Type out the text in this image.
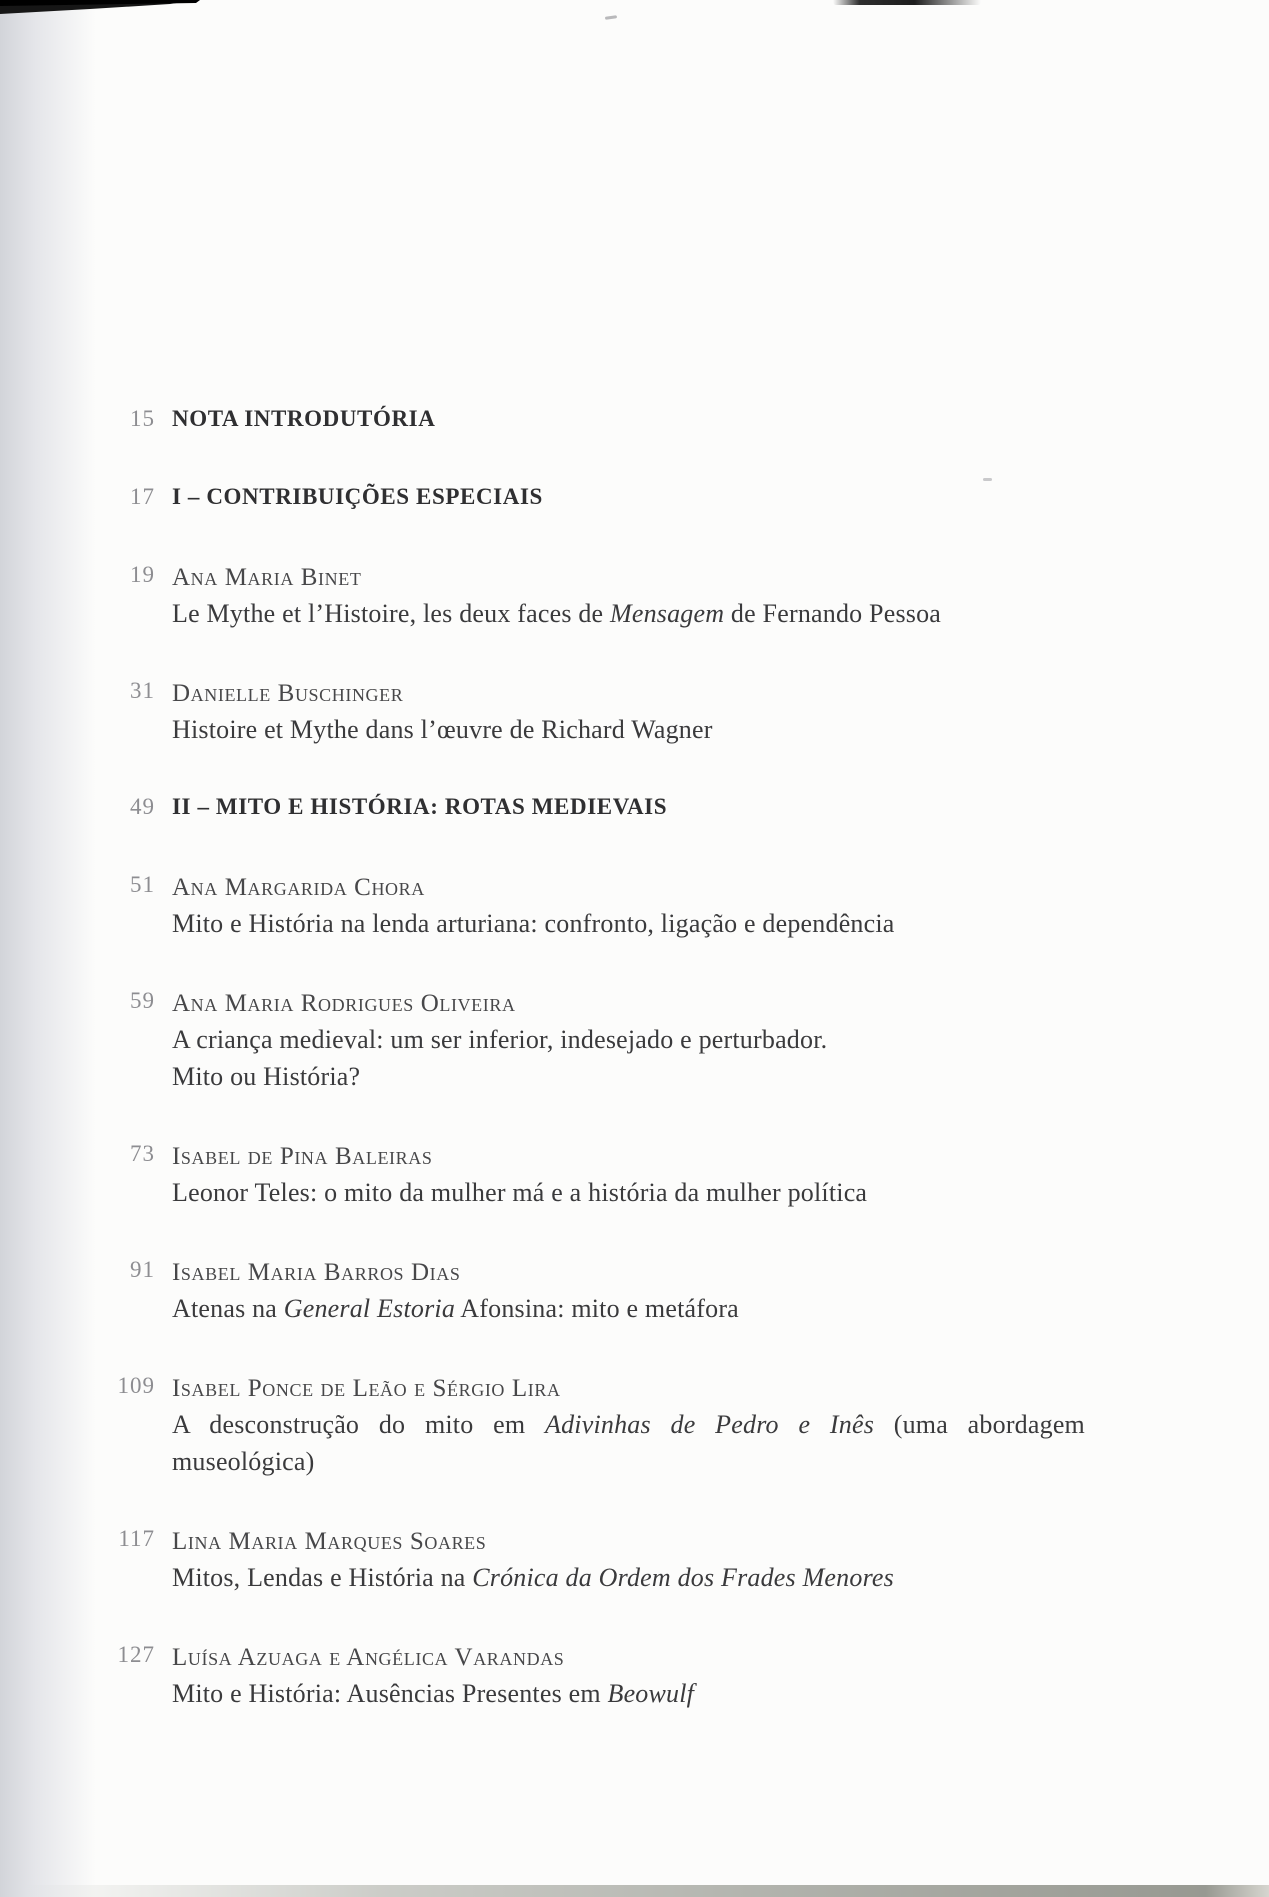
15 NOTA INTRODUTÓRIA
17 I – CONTRIBUIÇÕES ESPECIAIS
19 Ana Maria Binet
Le Mythe et l’Histoire, les deux faces de Mensagem de Fernando Pessoa
31 Danielle Buschinger
Histoire et Mythe dans l’œuvre de Richard Wagner
49 II – MITO E HISTÓRIA: ROTAS MEDIEVAIS
51 Ana Margarida Chora
Mito e História na lenda arturiana: confronto, ligação e dependência
59 Ana Maria Rodrigues Oliveira
A criança medieval: um ser inferior, indesejado e perturbador.
Mito ou História?
73 Isabel de Pina Baleiras
Leonor Teles: o mito da mulher má e a história da mulher política
91 Isabel Maria Barros Dias
Atenas na General Estoria Afonsina: mito e metáfora
109 Isabel Ponce de Leão e Sérgio Lira
A desconstrução do mito em Adivinhas de Pedro e Inês (uma abordagem
museológica)
117 Lina Maria Marques Soares
Mitos, Lendas e História na Crónica da Ordem dos Frades Menores
127 Luísa Azuaga e Angélica Varandas
Mito e História: Ausências Presentes em Beowulf
